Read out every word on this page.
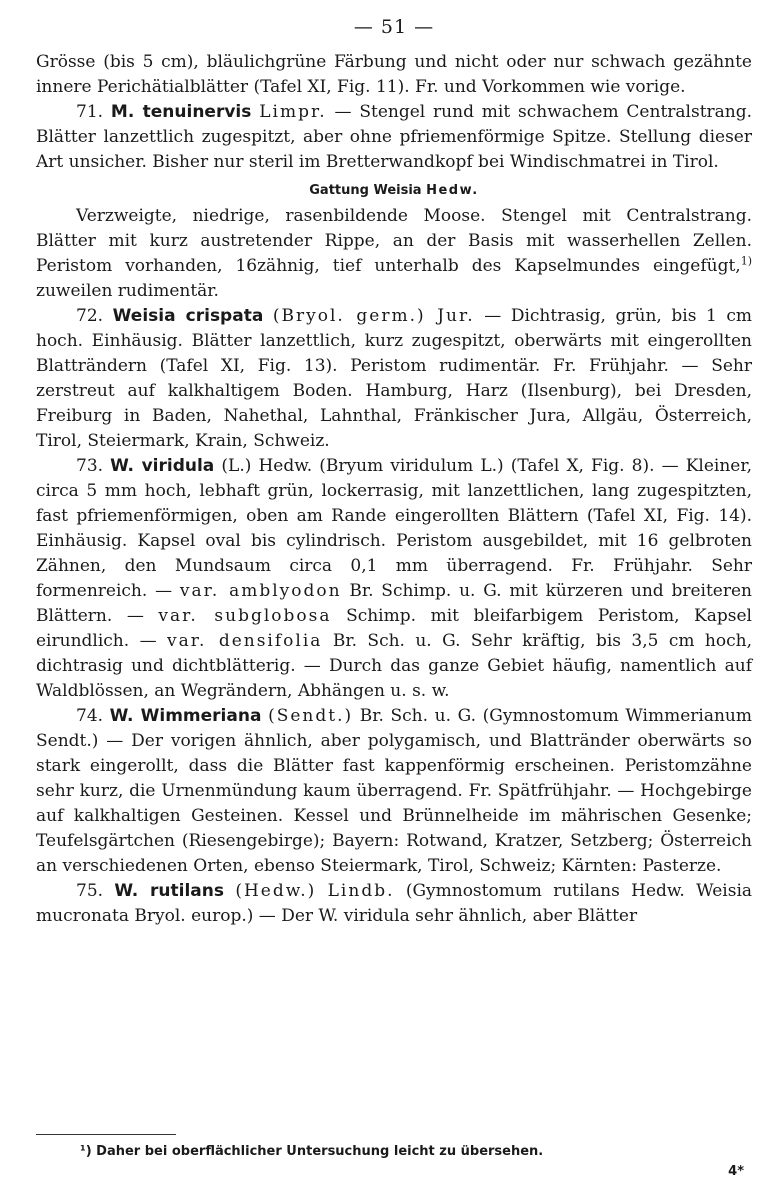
— 51 —

Grösse (bis 5 cm), bläulichgrüne Färbung und nicht oder nur schwach gezähnte innere Perichätialblätter (Tafel XI, Fig. 11). Fr. und Vorkommen wie vorige.

71. M. tenuinervis Limpr. — Stengel rund mit schwachem Centralstrang. Blätter lanzettlich zugespitzt, aber ohne pfriemenförmige Spitze. Stellung dieser Art unsicher. Bisher nur steril im Bretterwandkopf bei Windischmatrei in Tirol.

Gattung Weisia Hedw.

Verzweigte, niedrige, rasenbildende Moose. Stengel mit Centralstrang. Blätter mit kurz austretender Rippe, an der Basis mit wasserhellen Zellen. Peristom vorhanden, 16zähnig, tief unterhalb des Kapselmundes eingefügt,$^{1)}$ zuweilen rudimentär.

72. Weisia crispata (Bryol. germ.) Jur. — Dichtrasig, grün, bis 1 cm hoch. Einhäusig. Blätter lanzettlich, kurz zugespitzt, oberwärts mit eingerollten Blatträndern (Tafel XI, Fig. 13). Peristom rudimentär. Fr. Frühjahr. — Sehr zerstreut auf kalkhaltigem Boden. Hamburg, Harz (Ilsenburg), bei Dresden, Freiburg in Baden, Nahethal, Lahnthal, Fränkischer Jura, Allgäu, Österreich, Tirol, Steiermark, Krain, Schweiz.

73. W. viridula (L.) Hedw. (Bryum viridulum L.) (Tafel X, Fig. 8). — Kleiner, circa 5 mm hoch, lebhaft grün, lockerrasig, mit lanzettlichen, lang zugespitzten, fast pfriemenförmigen, oben am Rande eingerollten Blättern (Tafel XI, Fig. 14). Einhäusig. Kapsel oval bis cylindrisch. Peristom ausgebildet, mit 16 gelbroten Zähnen, den Mundsaum circa 0,1 mm überragend. Fr. Frühjahr. Sehr formenreich. — var. amblyodon Br. Schimp. u. G. mit kürzeren und breiteren Blättern. — var. subglobosa Schimp. mit bleifarbigem Peristom, Kapsel eirundlich. — var. densifolia Br. Sch. u. G. Sehr kräftig, bis 3,5 cm hoch, dichtrasig und dichtblätterig. — Durch das ganze Gebiet häufig, namentlich auf Waldblössen, an Wegrändern, Abhängen u. s. w.

74. W. Wimmeriana (Sendt.) Br. Sch. u. G. (Gymnostomum Wimmerianum Sendt.) — Der vorigen ähnlich, aber polygamisch, und Blattränder oberwärts so stark eingerollt, dass die Blätter fast kappenförmig erscheinen. Peristomzähne sehr kurz, die Urnenmündung kaum überragend. Fr. Spätfrühjahr. — Hochgebirge auf kalkhaltigen Gesteinen. Kessel und Brünnelheide im mährischen Gesenke; Teufelsgärtchen (Riesengebirge); Bayern: Rotwand, Kratzer, Setzberg; Österreich an verschiedenen Orten, ebenso Steiermark, Tirol, Schweiz; Kärnten: Pasterze.

75. W. rutilans (Hedw.) Lindb. (Gymnostomum rutilans Hedw. Weisia mucronata Bryol. europ.) — Der W. viridula sehr ähnlich, aber Blätter

¹) Daher bei oberflächlicher Untersuchung leicht zu übersehen.
4*
